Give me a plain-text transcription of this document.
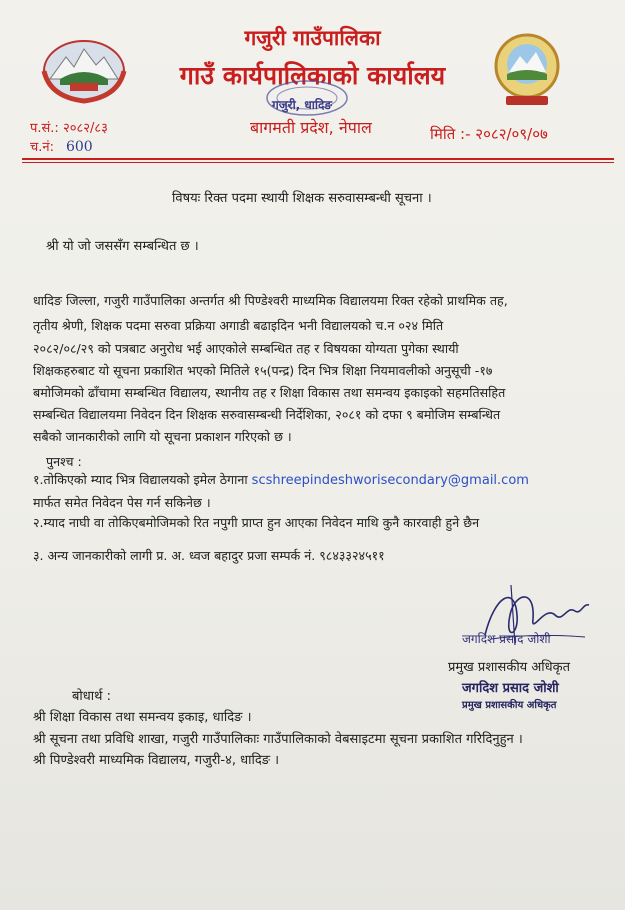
गजुरी गाउँपालिका
गाउँ कार्यपालिकाको कार्यालय
गजुरी, धादिङ
बागमती प्रदेश, नेपाल
प.सं.: २०८२/८३
च.नं: 600
मिति :- २०८२/०९/०७
विषयः रिक्त पदमा स्थायी शिक्षक सरुवासम्बन्धी सूचना ।
श्री यो जो जससँग सम्बन्धित छ ।
धादिङ जिल्ला, गजुरी गाउँपालिका अन्तर्गत श्री पिण्डेश्वरी माध्यमिक विद्यालयमा रिक्त रहेको प्राथमिक तह,
तृतीय श्रेणी, शिक्षक पदमा सरुवा प्रक्रिया अगाडी बढाइदिन भनी विद्यालयको च.न ०२४ मिति
२०८२/०८/२९ को पत्रबाट अनुरोध भई आएकोले सम्बन्धित तह र विषयका योग्यता पुगेका स्थायी
शिक्षकहरुबाट यो सूचना प्रकाशित भएको मितिले १५(पन्द्र) दिन भित्र शिक्षा नियमावलीको अनुसूची -१७
बमोजिमको ढाँचामा सम्बन्धित विद्यालय, स्थानीय तह र शिक्षा विकास तथा समन्वय इकाइको सहमतिसहित
सम्बन्धित विद्यालयमा निवेदन दिन शिक्षक सरुवासम्बन्धी निर्देशिका, २०८१ को दफा ९ बमोजिम सम्बन्धित
सबैको जानकारीको लागि यो सूचना प्रकाशन गरिएको छ ।
पुनश्च :
१.तोकिएको म्याद भित्र विद्यालयको इमेल ठेगाना scshreepindeshworisecondary@gmail.com
मार्फत समेत निवेदन पेस गर्न सकिनेछ ।
२.म्याद नाघी वा तोकिएबमोजिमको रित नपुगी प्राप्त हुन आएका निवेदन माथि कुनै कारवाही हुने छैन
३. अन्य जानकारीको लागी प्र. अ. ध्वज बहादुर प्रजा सम्पर्क नं. ९८४३३२४५११
जगदिश प्रसाद जोशी
प्रमुख प्रशासकीय अधिकृत
जगदिश प्रसाद जोशी
प्रमुख प्रशासकीय अधिकृत
बोधार्थ :
श्री शिक्षा विकास तथा समन्वय इकाइ, धादिङ ।
श्री सूचना तथा प्रविधि शाखा, गजुरी गाउँपालिकाः गाउँपालिकाको वेबसाइटमा सूचना प्रकाशित गरिदिनुहुन ।
श्री पिण्डेश्वरी माध्यमिक विद्यालय, गजुरी-४, धादिङ ।
